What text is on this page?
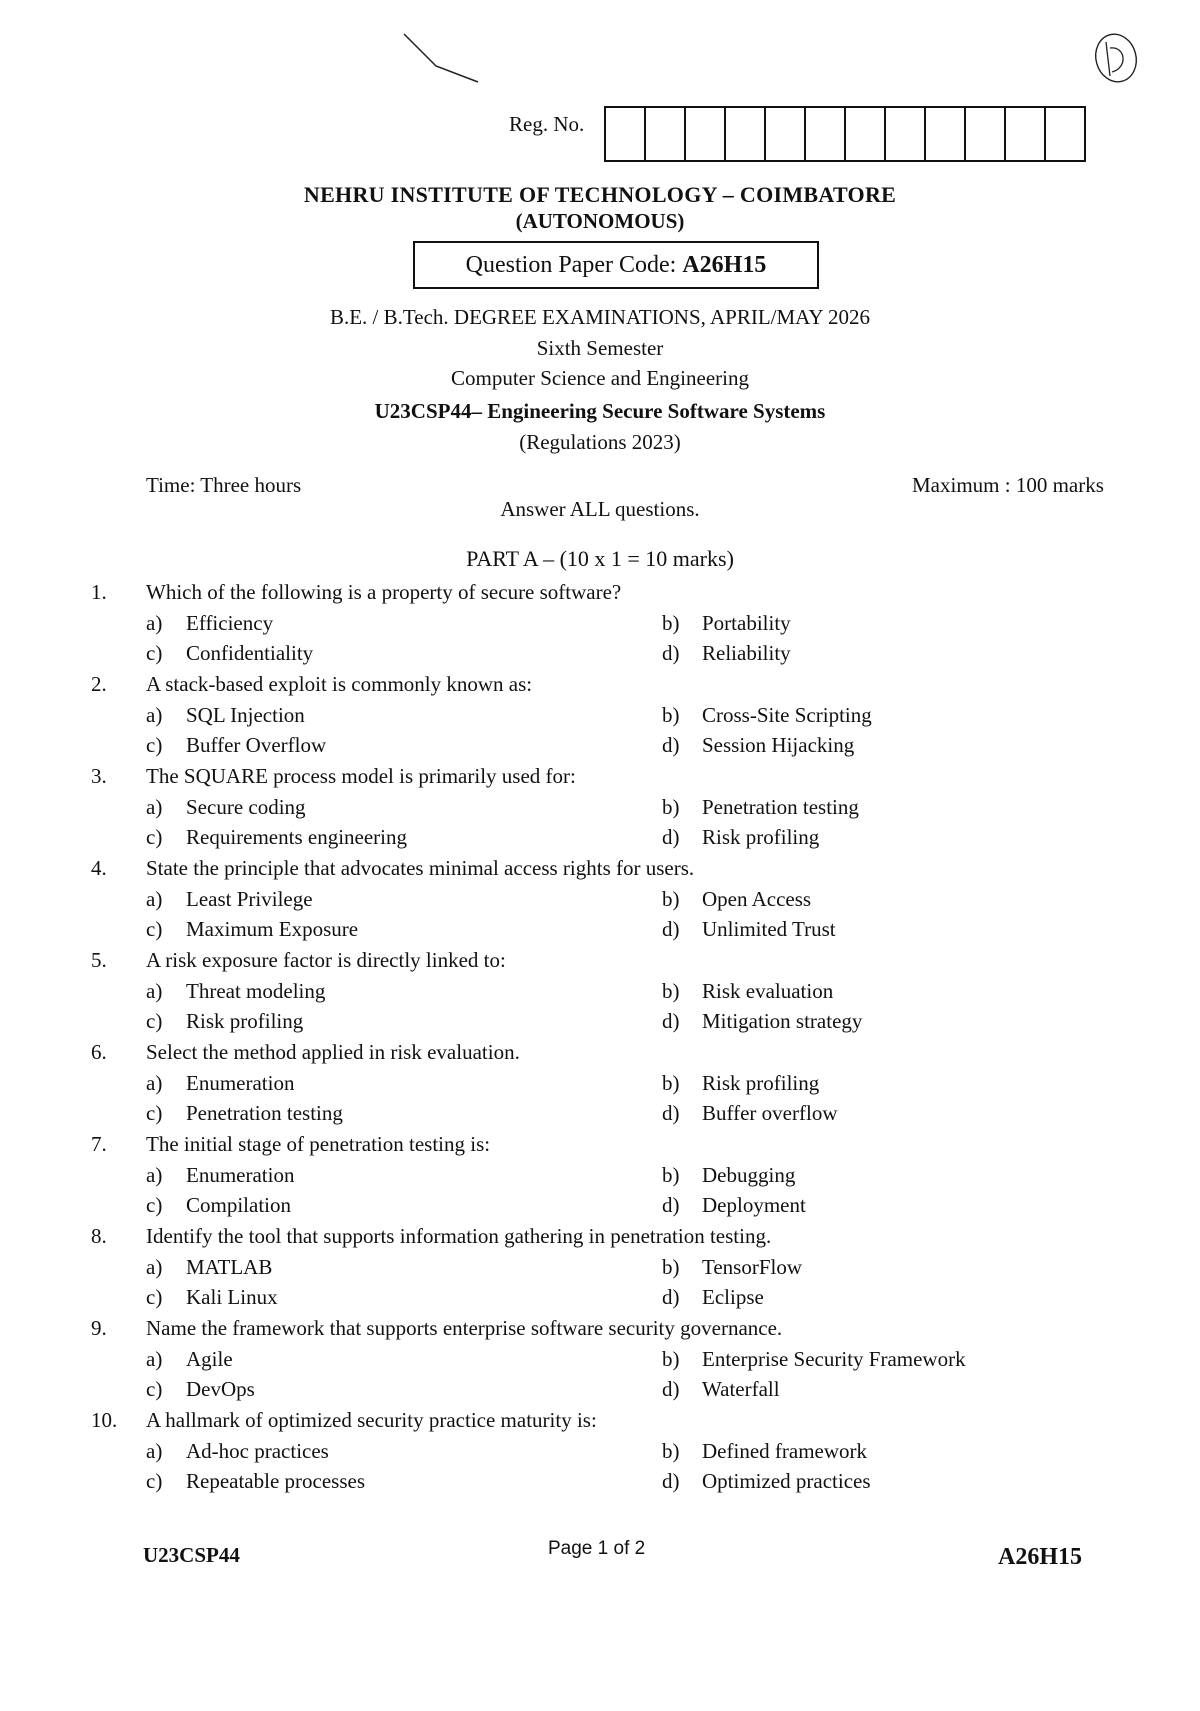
Reg. No.
NEHRU INSTITUTE OF TECHNOLOGY – COIMBATORE
(AUTONOMOUS)
Question Paper Code: A26H15
B.E. / B.Tech. DEGREE EXAMINATIONS, APRIL/MAY 2026
Sixth Semester
Computer Science and Engineering
U23CSP44– Engineering Secure Software Systems
(Regulations 2023)
Time: Three hours	Maximum : 100 marks
Answer ALL questions.
PART A – (10 x 1 = 10 marks)
1. Which of the following is a property of secure software?
a) Efficiency	b) Portability
c) Confidentiality	d) Reliability
2. A stack-based exploit is commonly known as:
a) SQL Injection	b) Cross-Site Scripting
c) Buffer Overflow	d) Session Hijacking
3. The SQUARE process model is primarily used for:
a) Secure coding	b) Penetration testing
c) Requirements engineering	d) Risk profiling
4. State the principle that advocates minimal access rights for users.
a) Least Privilege	b) Open Access
c) Maximum Exposure	d) Unlimited Trust
5. A risk exposure factor is directly linked to:
a) Threat modeling	b) Risk evaluation
c) Risk profiling	d) Mitigation strategy
6. Select the method applied in risk evaluation.
a) Enumeration	b) Risk profiling
c) Penetration testing	d) Buffer overflow
7. The initial stage of penetration testing is:
a) Enumeration	b) Debugging
c) Compilation	d) Deployment
8. Identify the tool that supports information gathering in penetration testing.
a) MATLAB	b) TensorFlow
c) Kali Linux	d) Eclipse
9. Name the framework that supports enterprise software security governance.
a) Agile	b) Enterprise Security Framework
c) DevOps	d) Waterfall
10. A hallmark of optimized security practice maturity is:
a) Ad-hoc practices	b) Defined framework
c) Repeatable processes	d) Optimized practices
U23CSP44	Page 1 of 2	A26H15
